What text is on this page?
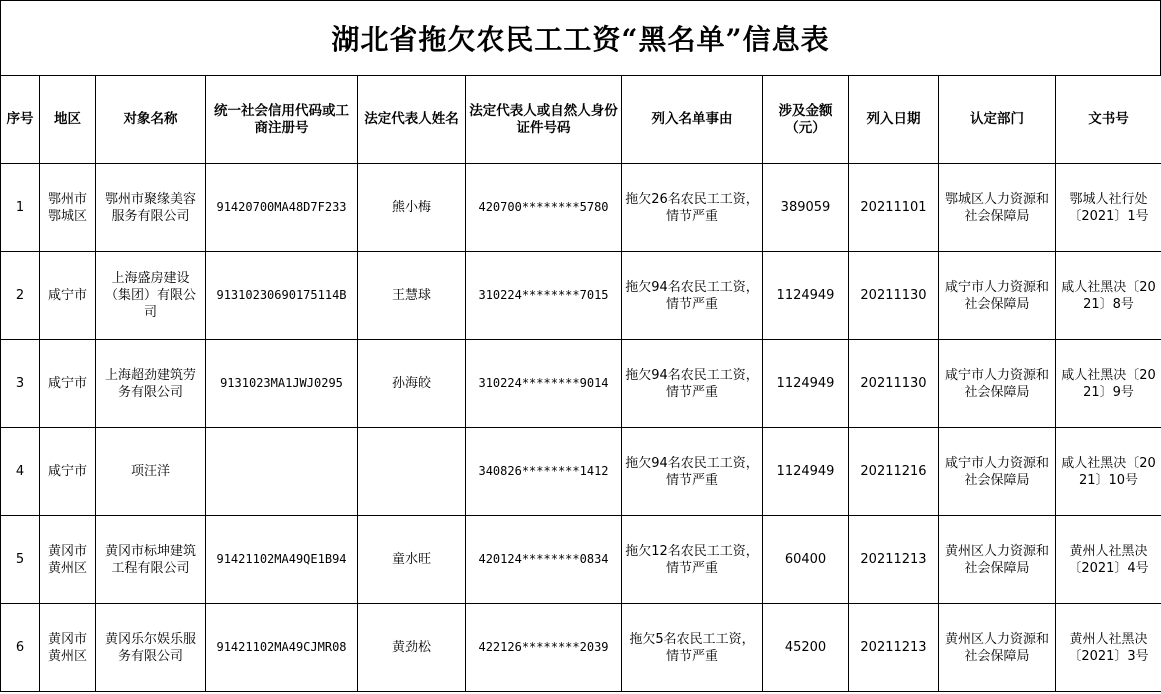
湖北省拖欠农民工工资“黑名单”信息表
序号	地区	对象名称	统一社会信用代码或工商注册号	法定代表人姓名	法定代表人或自然人身份证件号码	列入名单事由	涉及金额（元）	列入日期	认定部门	文书号
1	鄂州市鄂城区	鄂州市聚缘美容服务有限公司	91420700MA48D7F233	熊小梅	420700********5780	拖欠26名农民工工资，情节严重	389059	20211101	鄂城区人力资源和社会保障局	鄂城人社行处〔2021〕1号
2	咸宁市	上海盛房建设（集团）有限公司	91310230690175114B	王慧球	310224********7015	拖欠94名农民工工资，情节严重	1124949	20211130	咸宁市人力资源和社会保障局	咸人社黑决〔2021〕8号
3	咸宁市	上海超劲建筑劳务有限公司	9131023MA1JWJ0295	孙海皎	310224********9014	拖欠94名农民工工资，情节严重	1124949	20211130	咸宁市人力资源和社会保障局	咸人社黑决〔2021〕9号
4	咸宁市	项汪洋			340826********1412	拖欠94名农民工工资，情节严重	1124949	20211216	咸宁市人力资源和社会保障局	咸人社黑决〔2021〕10号
5	黄冈市黄州区	黄冈市标坤建筑工程有限公司	91421102MA49QE1B94	童水旺	420124********0834	拖欠12名农民工工资，情节严重	60400	20211213	黄州区人力资源和社会保障局	黄州人社黑决〔2021〕4号
6	黄冈市黄州区	黄冈乐尔娱乐服务有限公司	91421102MA49CJMR08	黄劲松	422126********2039	拖欠5名农民工工资，情节严重	45200	20211213	黄州区人力资源和社会保障局	黄州人社黑决〔2021〕3号
